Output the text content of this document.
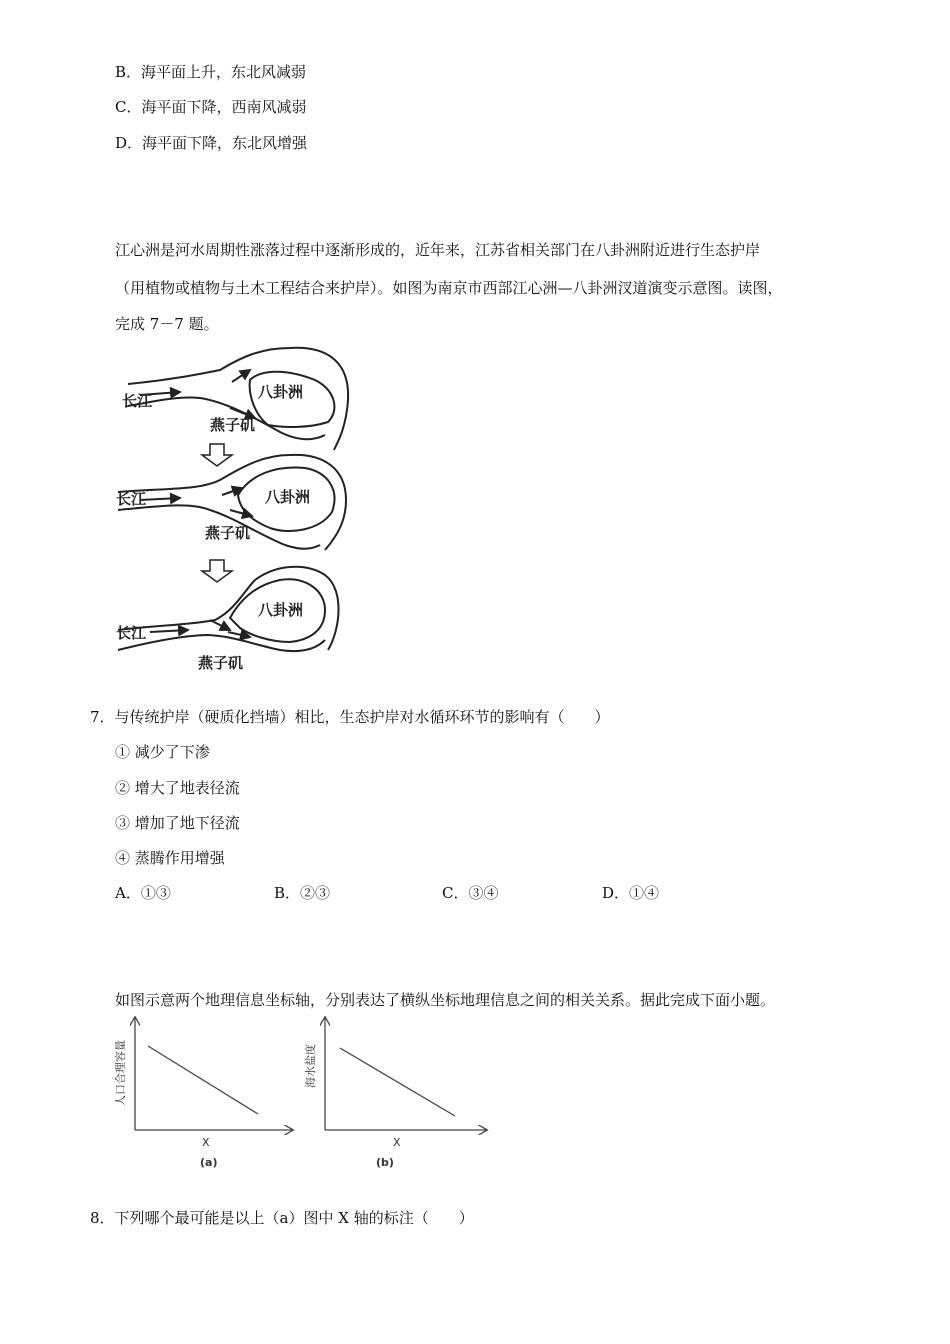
B．海平面上升，东北风减弱
C．海平面下降，西南风减弱
D．海平面下降，东北风增强
江心洲是河水周期性涨落过程中逐渐形成的，近年来，江苏省相关部门在八卦洲附近进行生态护岸
（用植物或植物与土木工程结合来护岸）。如图为南京市西部江心洲—八卦洲汊道演变示意图。读图，
完成 7－7 题。
长江	八卦洲
燕子矶
长江	八卦洲
燕子矶
长江
八卦洲
燕子矶
7．与传统护岸（硬质化挡墙）相比，生态护岸对水循环环节的影响有（　　）
① 减少了下渗
② 增大了地表径流
③ 增加了地下径流
④ 蒸腾作用增强
A．①③	B．②③	C．③④	D．①④
如图示意两个地理信息坐标轴，分别表达了横纵坐标地理信息之间的相关关系。据此完成下面小题。
人口合理容量
X
(a)
海水盐度
X
(b)
8．下列哪个最可能是以上（a）图中 X 轴的标注（　　）
